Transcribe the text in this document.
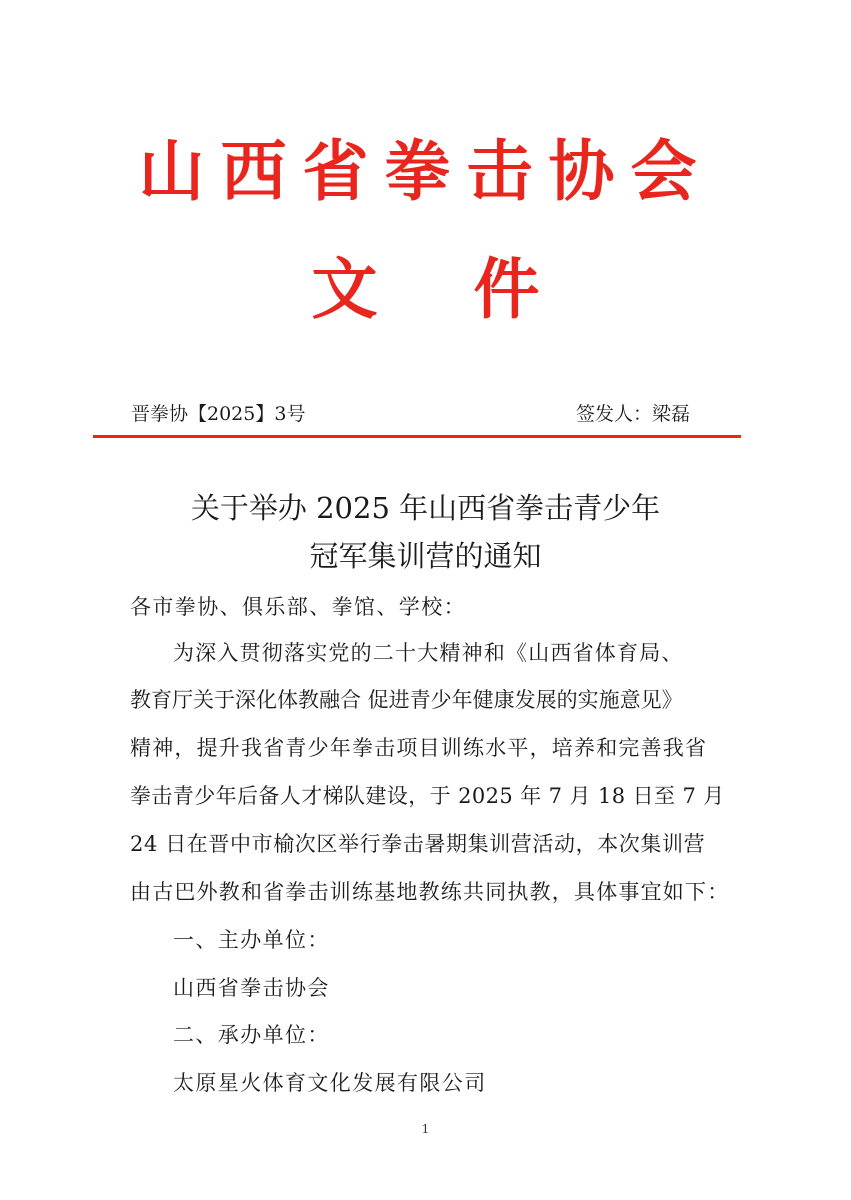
山西省拳击协会
文件
晋拳协【2025】3号	签发人：梁磊
关于举办 2025 年山西省拳击青少年
冠军集训营的通知
各市拳协、俱乐部、拳馆、学校：
为深入贯彻落实党的二十大精神和《山西省体育局、
教育厅关于深化体教融合 促进青少年健康发展的实施意见》
精神，提升我省青少年拳击项目训练水平，培养和完善我省
拳击青少年后备人才梯队建设，于 2025 年 7 月 18 日至 7 月
24 日在晋中市榆次区举行拳击暑期集训营活动，本次集训营
由古巴外教和省拳击训练基地教练共同执教，具体事宜如下：
一、主办单位：
山西省拳击协会
二、承办单位：
太原星火体育文化发展有限公司
1
